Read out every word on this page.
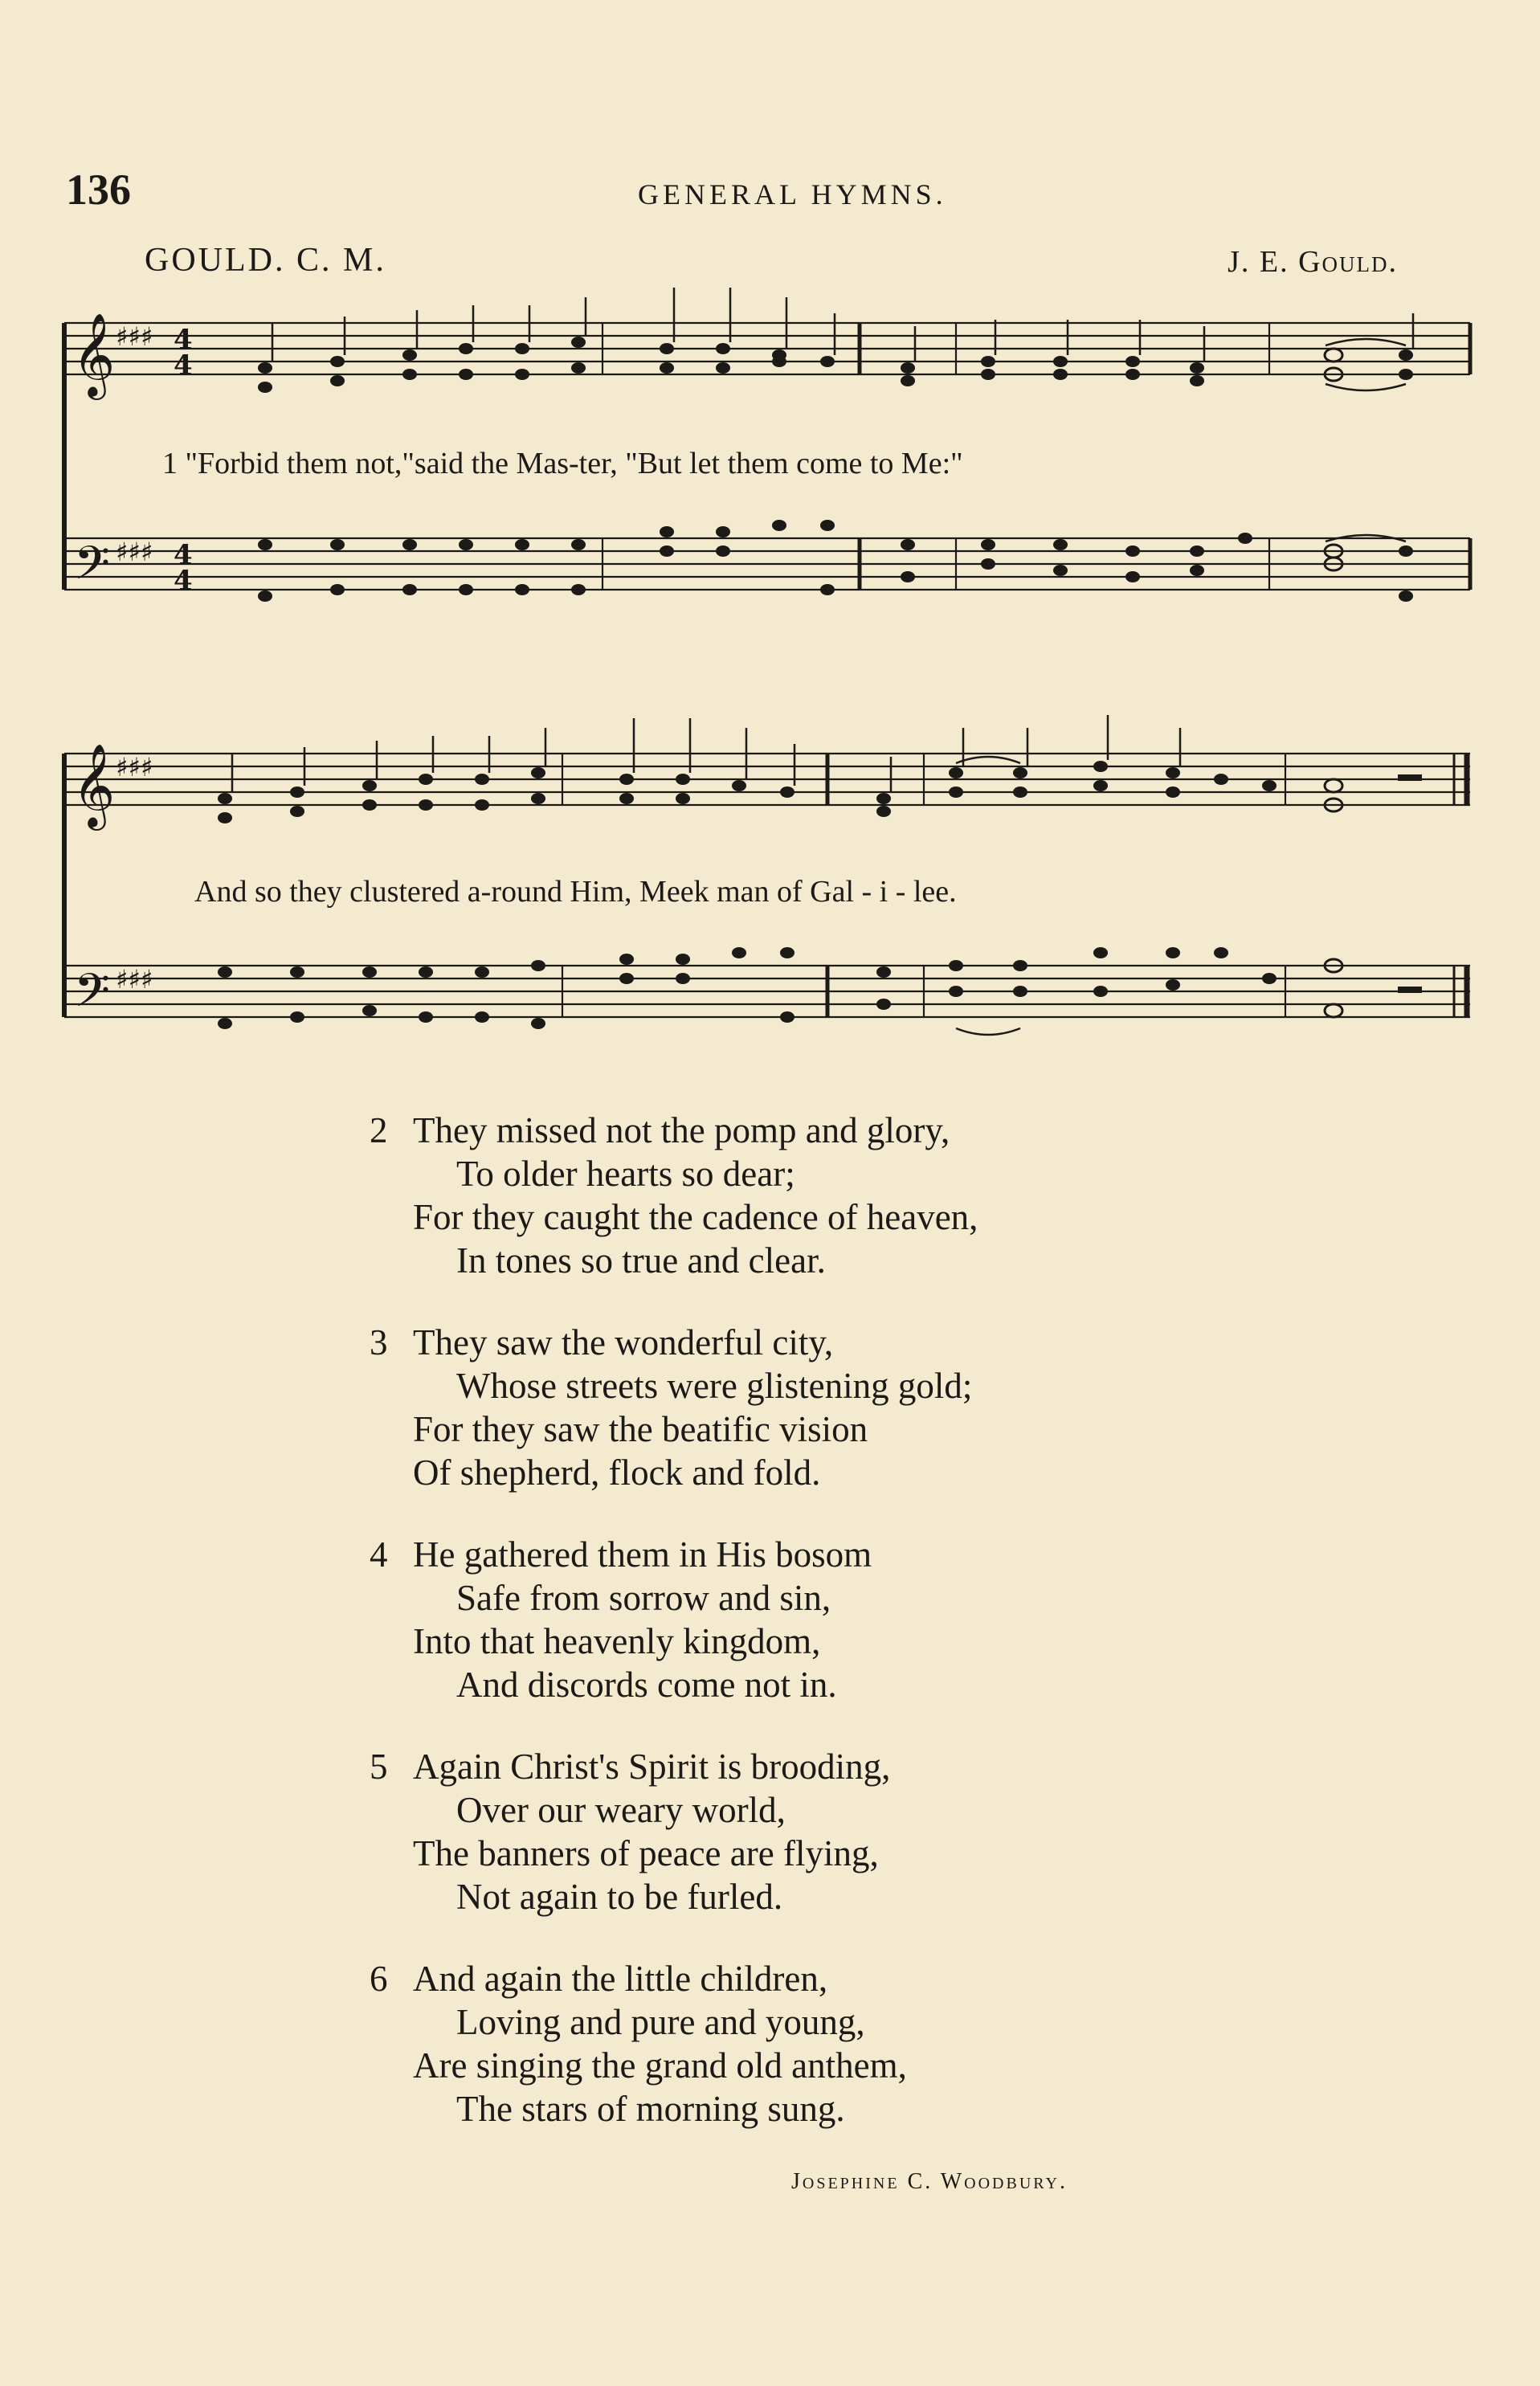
136	GENERAL HYMNS.
GOULD. C. M.	J. E. Gould.
𝄞
𝄢
♯♯♯
♯♯♯
4
4
4
4
𝄞
𝄢
♯♯♯
♯♯♯
1 "Forbid them not,"said the Mas-ter, "But let them come to Me:"
And so they clustered a-round Him, Meek man of Gal - i - lee.
2 They missed not the pomp and glory,
To older hearts so dear;
For they caught the cadence of heaven,
In tones so true and clear.
3 They saw the wonderful city,
Whose streets were glistening gold;
For they saw the beatific vision
Of shepherd, flock and fold.
4 He gathered them in His bosom
Safe from sorrow and sin,
Into that heavenly kingdom,
And discords come not in.
5 Again Christ's Spirit is brooding,
Over our weary world,
The banners of peace are flying,
Not again to be furled.
6 And again the little children,
Loving and pure and young,
Are singing the grand old anthem,
The stars of morning sung.
Josephine C. Woodbury.
